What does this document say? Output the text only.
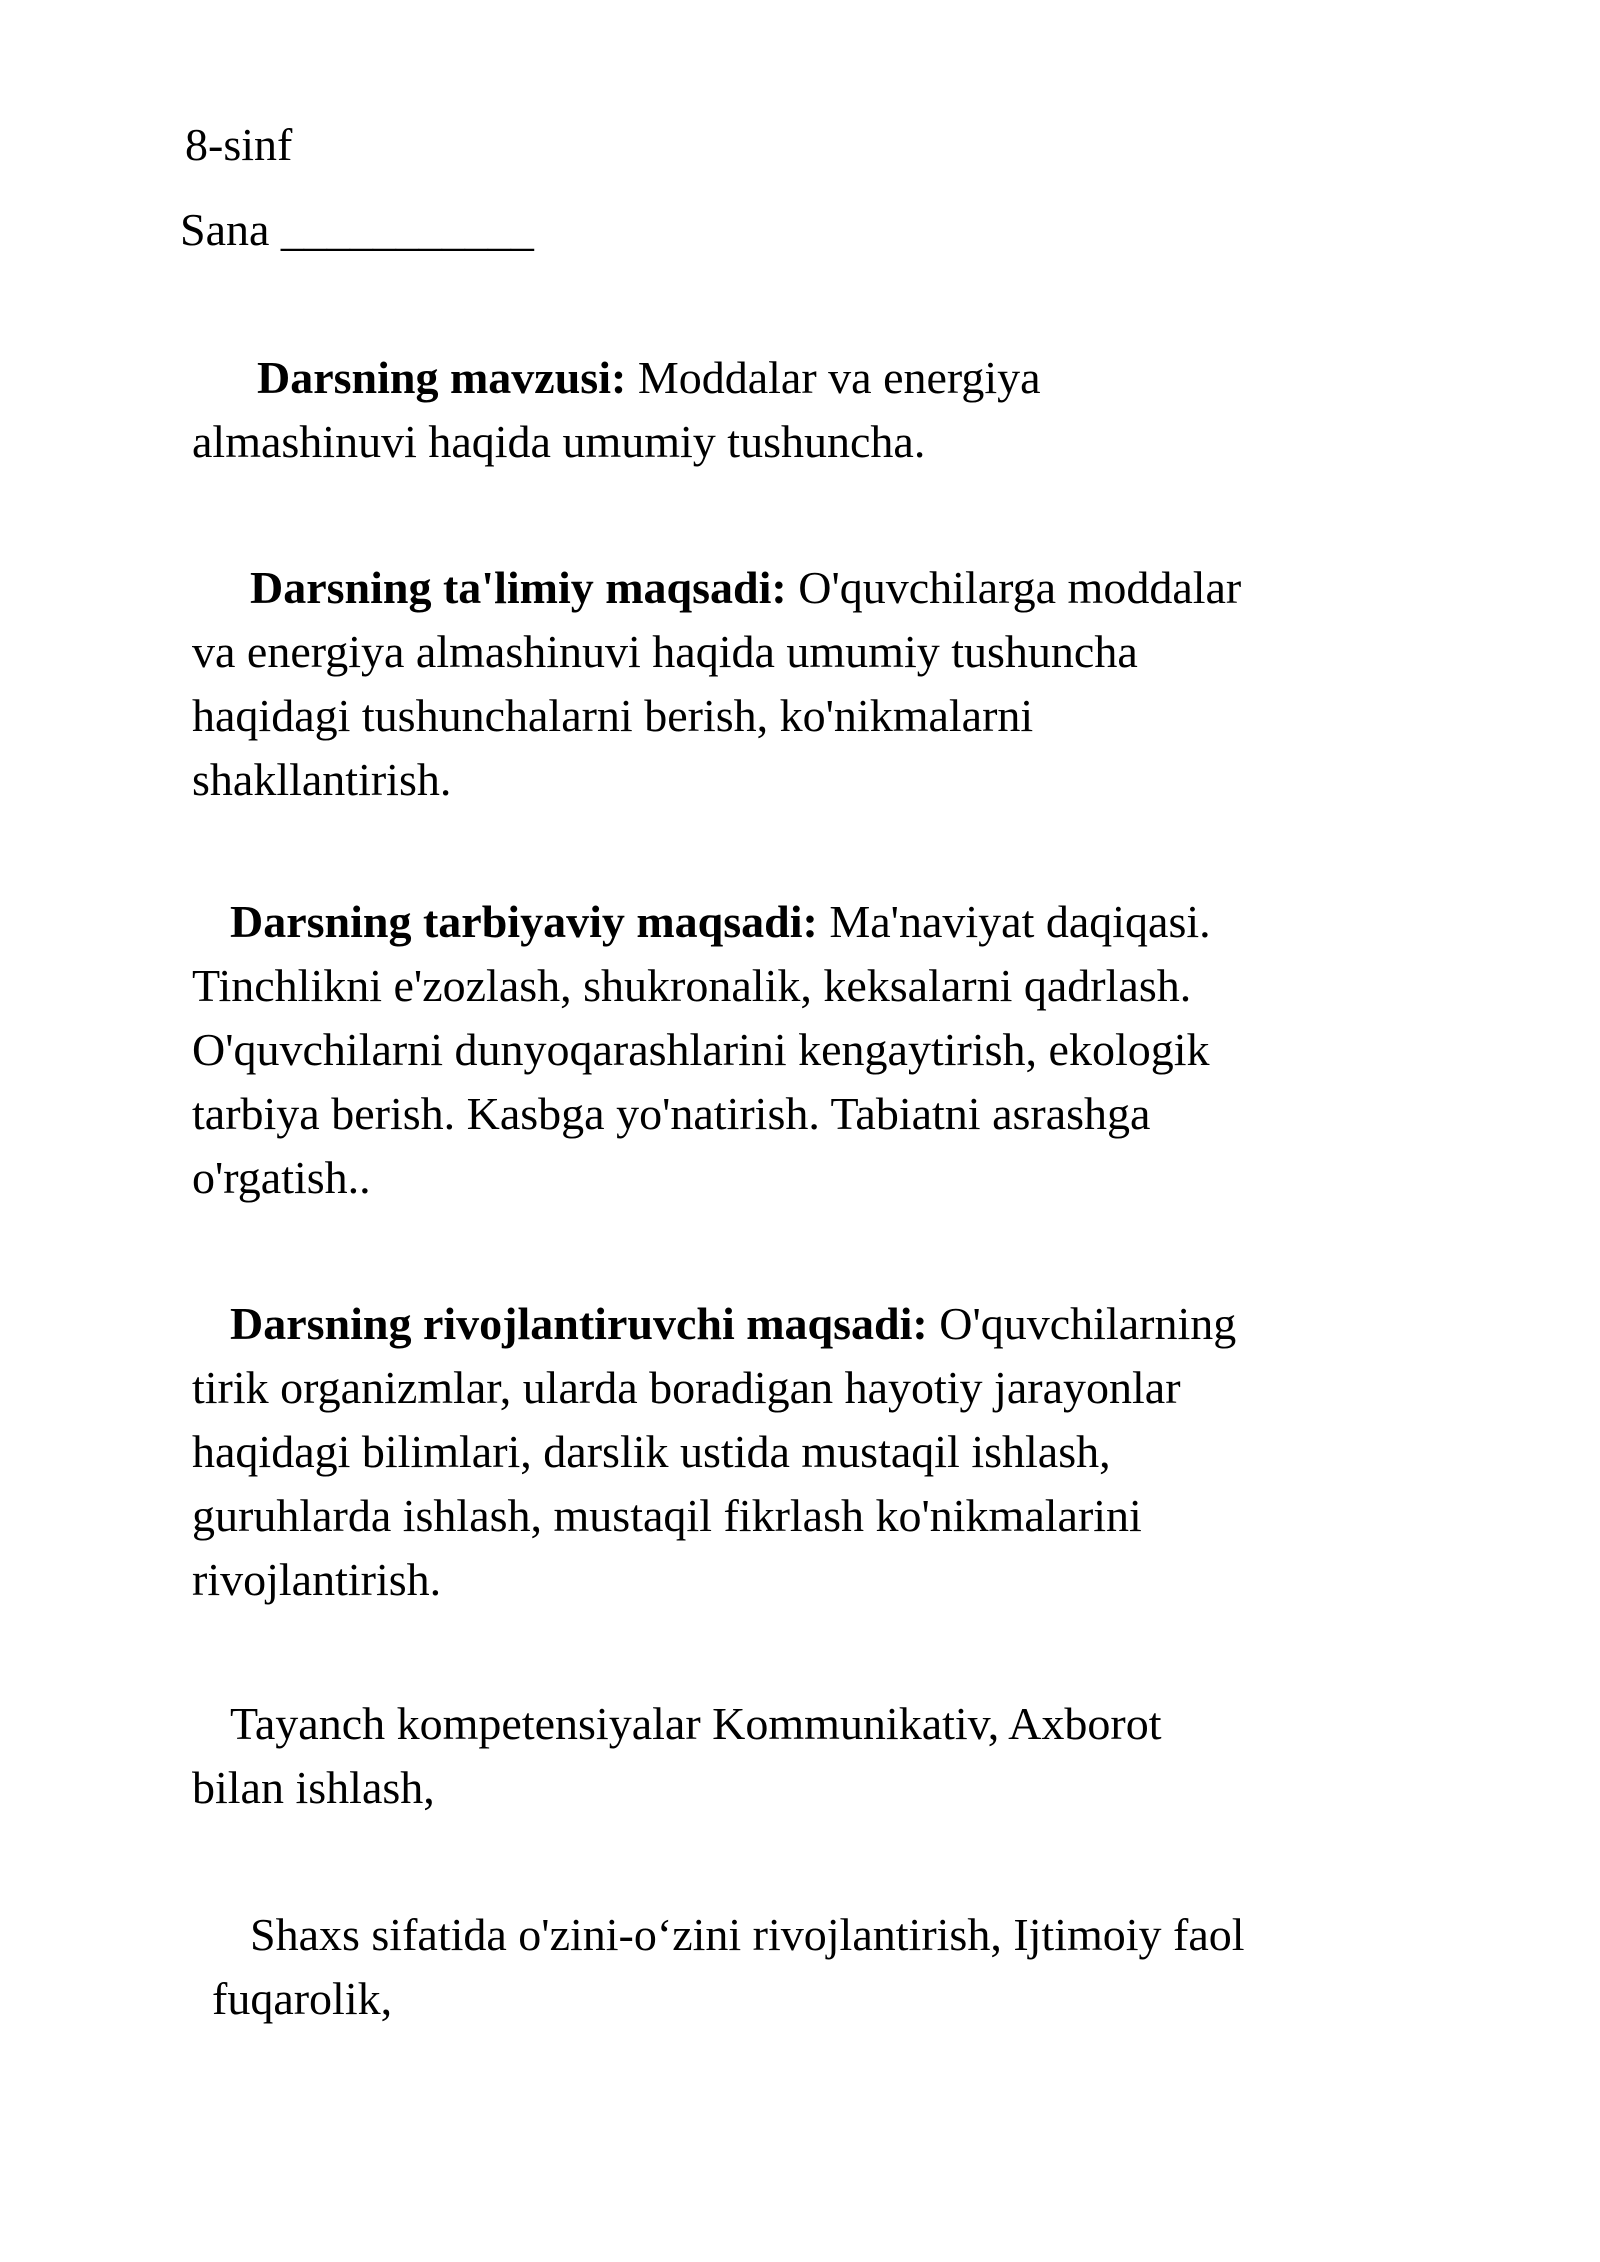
8-sinf
Sana ___________
Darsning mavzusi: Moddalar va energiya
almashinuvi haqida umumiy tushuncha.
Darsning ta'limiy maqsadi: O'quvchilarga moddalar
va energiya almashinuvi haqida umumiy tushuncha
haqidagi tushunchalarni berish, ko'nikmalarni
shakllantirish.
Darsning tarbiyaviy maqsadi: Ma'naviyat daqiqasi.
Tinchlikni e'zozlash, shukronalik, keksalarni qadrlash.
O'quvchilarni dunyoqarashlarini kengaytirish, ekologik
tarbiya berish. Kasbga yo'natirish. Tabiatni asrashga
o'rgatish..
Darsning rivojlantiruvchi maqsadi: O'quvchilarning
tirik organizmlar, ularda boradigan hayotiy jarayonlar
haqidagi bilimlari, darslik ustida mustaqil ishlash,
guruhlarda ishlash, mustaqil fikrlash ko'nikmalarini
rivojlantirish.
Tayanch kompetensiyalar Kommunikativ, Axborot
bilan ishlash,
Shaxs sifatida o'zini-o‘zini rivojlantirish, Ijtimoiy faol
fuqarolik,
